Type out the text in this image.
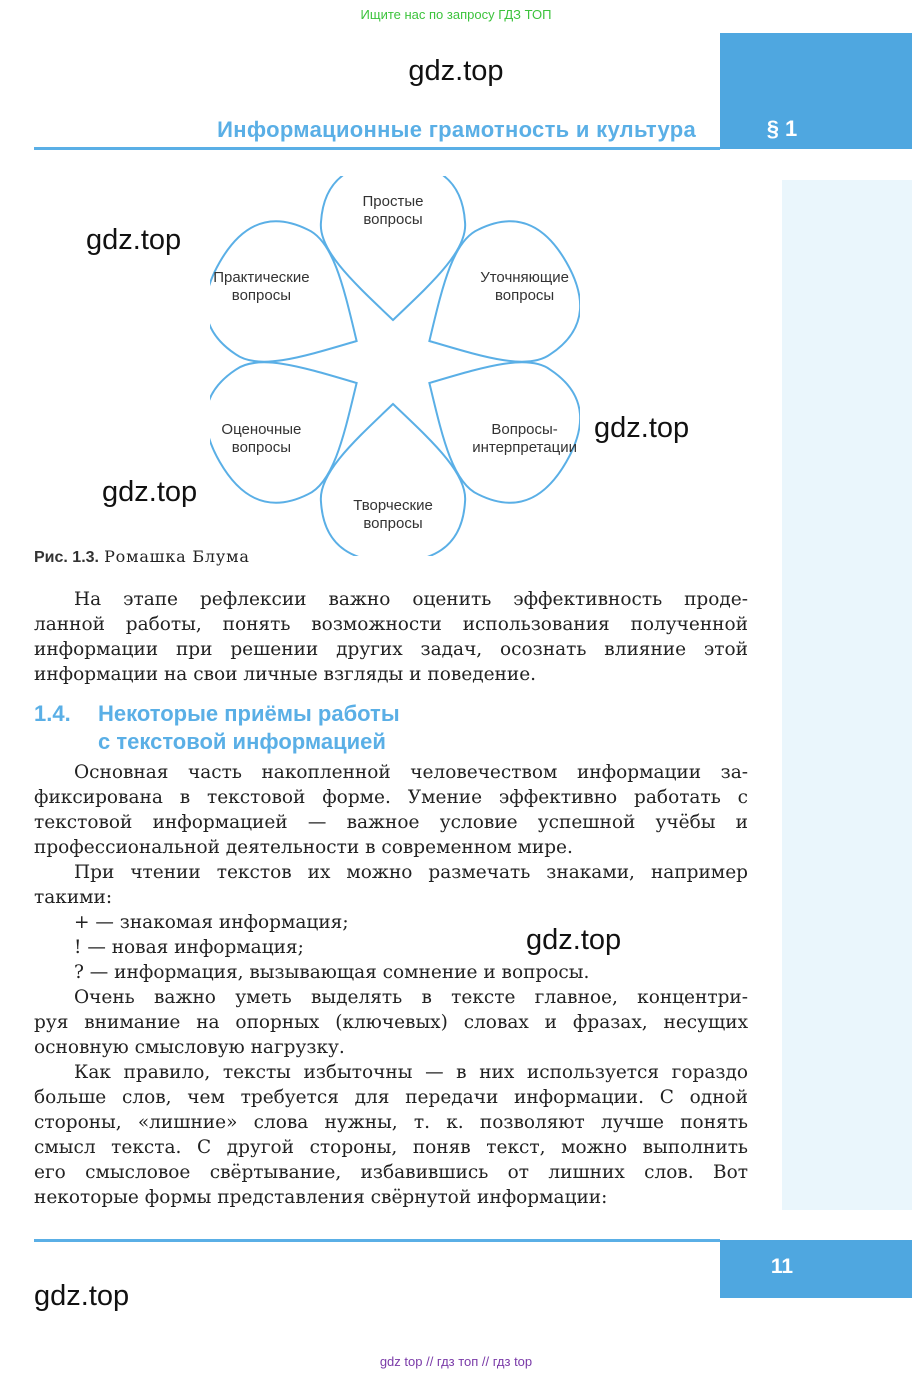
Ищите нас по запросу ГДЗ ТОП
gdz.top
§ 1
Информационные грамотность и культура
gdz.top
gdz.top
gdz.top
Простые
вопросы
Уточняющие
вопросы
Вопросы-
интерпретации
Творческие
вопросы
Оценочные
вопросы
Практические
вопросы
Рис. 1.3. Ромашка Блума
На этапе рефлексии важно оценить эффективность проде-
ланной работы, понять возможности использования полученной
информации при решении других задач, осознать влияние этой
информации на свои личные взгляды и поведение.
1.4. Некоторые приёмы работы
с текстовой информацией
Основная часть накопленной человечеством информации за-
фиксирована в текстовой форме. Умение эффективно работать с
текстовой информацией — важное условие успешной учёбы и
профессиональной деятельности в современном мире.
При чтении текстов их можно размечать знаками, например
такими:
+ — знакомая информация;
! — новая информация;
? — информация, вызывающая сомнение и вопросы.
gdz.top
Очень важно уметь выделять в тексте главное, концентри-
руя внимание на опорных (ключевых) словах и фразах, несущих
основную смысловую нагрузку.
Как правило, тексты избыточны — в них используется гораздо
больше слов, чем требуется для передачи информации. С одной
стороны, «лишние» слова нужны, т. к. позволяют лучше понять
смысл текста. С другой стороны, поняв текст, можно выполнить
его смысловое свёртывание, избавившись от лишних слов. Вот
некоторые формы представления свёрнутой информации:
11
gdz.top
gdz top // гдз топ // гдз top
